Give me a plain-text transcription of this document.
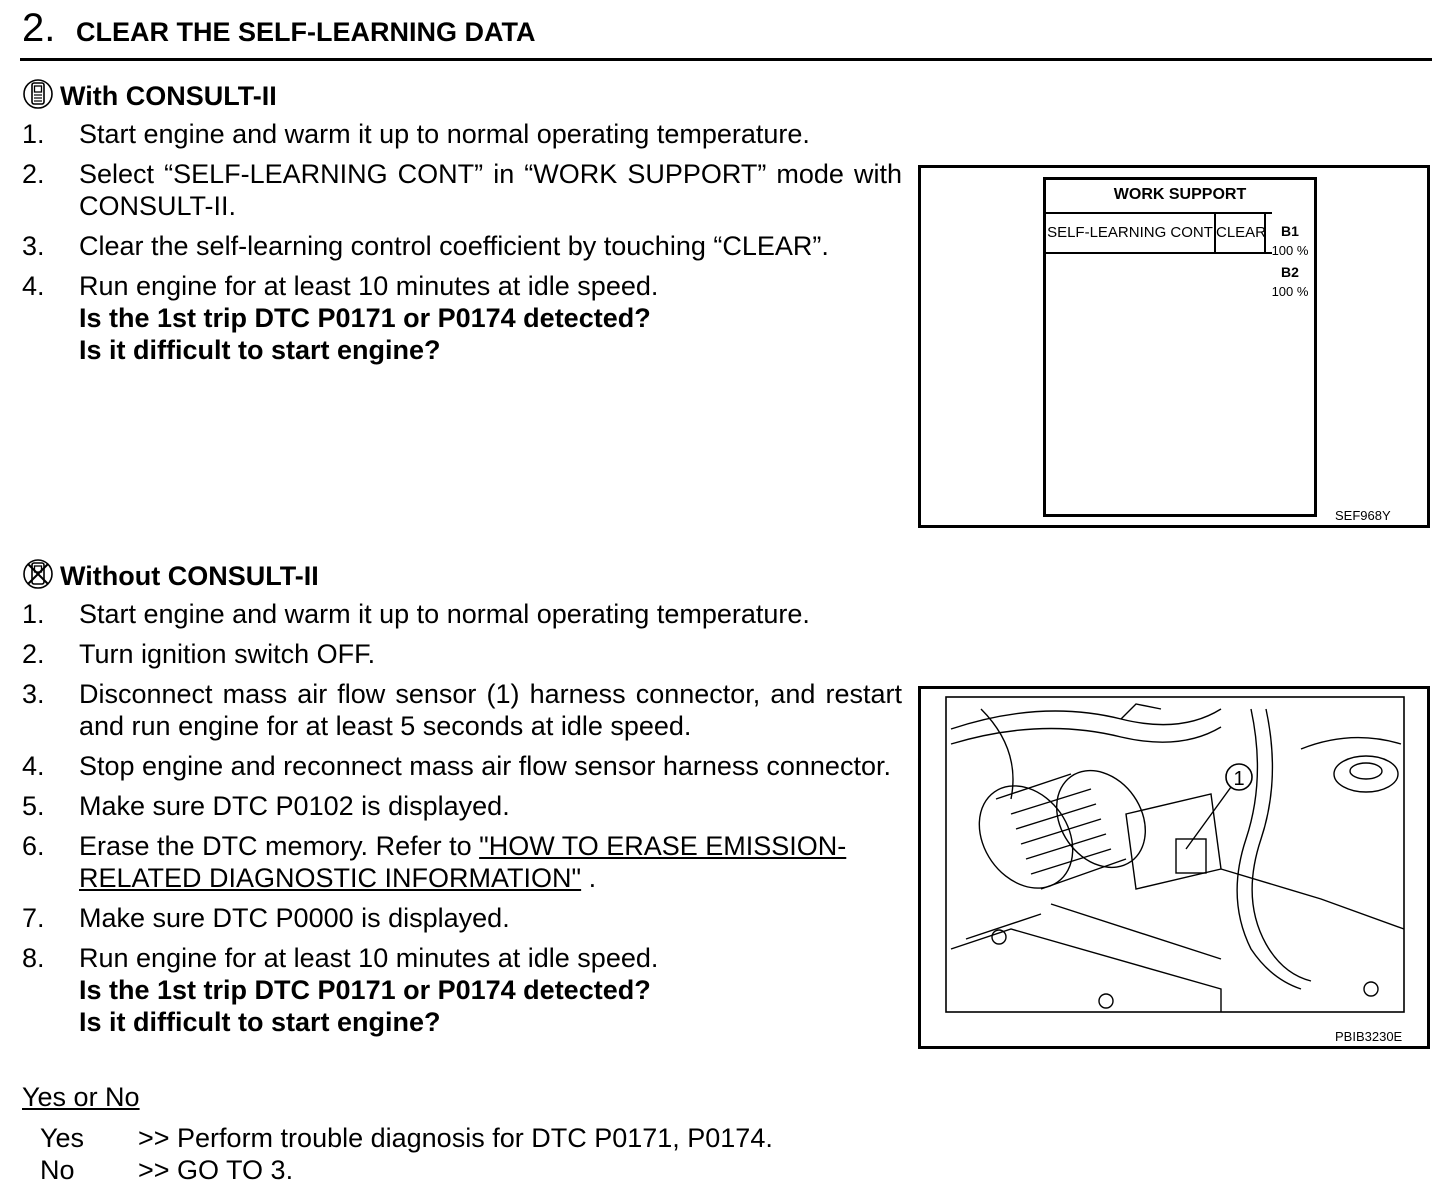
2. CLEAR THE SELF-LEARNING DATA
With CONSULT-II
1. Start engine and warm it up to normal operating temperature.
2. Select “SELF-LEARNING CONT” in “WORK SUPPORT” mode with CONSULT-II.
3. Clear the self-learning control coefficient by touching “CLEAR”.
4. Run engine for at least 10 minutes at idle speed.
Is the 1st trip DTC P0171 or P0174 detected?
Is it difficult to start engine?
WORK SUPPORT
SELF-LEARNING CONT CLEAR	B1
100 %
B2
100 %
SEF968Y
Without CONSULT-II
1. Start engine and warm it up to normal operating temperature.
2. Turn ignition switch OFF.
3. Disconnect mass air flow sensor (1) harness connector, and restart and run engine for at least 5 seconds at idle speed.
4. Stop engine and reconnect mass air flow sensor harness connector.
5. Make sure DTC P0102 is displayed.
6. Erase the DTC memory. Refer to "HOW TO ERASE EMISSION-RELATED DIAGNOSTIC INFORMATION" .
7. Make sure DTC P0000 is displayed.
8. Run engine for at least 10 minutes at idle speed.
Is the 1st trip DTC P0171 or P0174 detected?
Is it difficult to start engine?
1
PBIB3230E
Yes or No
Yes >> Perform trouble diagnosis for DTC P0171, P0174.
No >> GO TO 3.
